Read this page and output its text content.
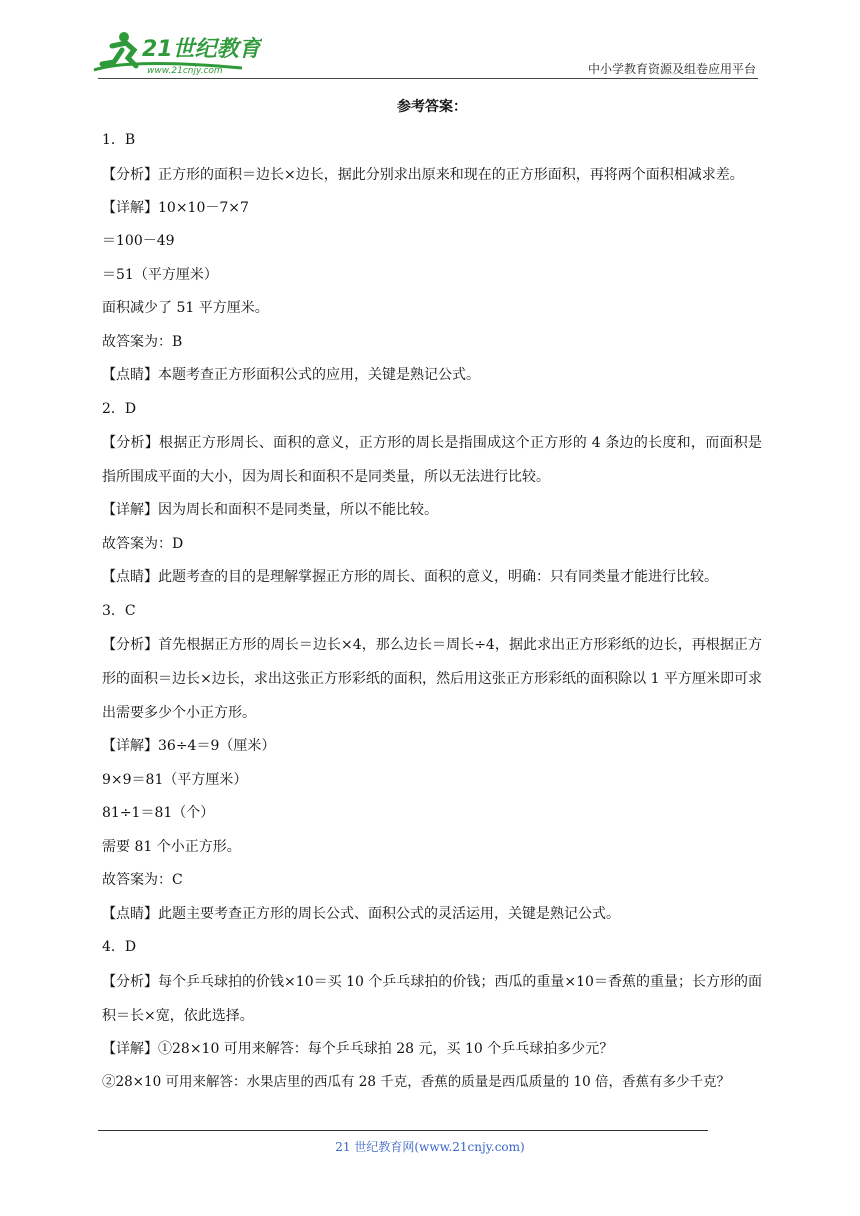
21世纪教育
www.21cnjy.com	中小学教育资源及组卷应用平台

参考答案：

1．B

【分析】正方形的面积＝边长×边长，据此分别求出原来和现在的正方形面积，再将两个面积相减求差。

【详解】10×10－7×7

＝100－49

＝51（平方厘米）

面积减少了 51 平方厘米。

故答案为：B

【点睛】本题考查正方形面积公式的应用，关键是熟记公式。

2．D

【分析】根据正方形周长、面积的意义，正方形的周长是指围成这个正方形的 4 条边的长度和，而面积是指所围成平面的大小，因为周长和面积不是同类量，所以无法进行比较。

【详解】因为周长和面积不是同类量，所以不能比较。

故答案为：D

【点睛】此题考查的目的是理解掌握正方形的周长、面积的意义，明确：只有同类量才能进行比较。

3．C

【分析】首先根据正方形的周长＝边长×4，那么边长＝周长÷4，据此求出正方形彩纸的边长，再根据正方形的面积＝边长×边长，求出这张正方形彩纸的面积，然后用这张正方形彩纸的面积除以 1 平方厘米即可求出需要多少个小正方形。

【详解】36÷4＝9（厘米）

9×9＝81（平方厘米）

81÷1＝81（个）

需要 81 个小正方形。

故答案为：C

【点睛】此题主要考查正方形的周长公式、面积公式的灵活运用，关键是熟记公式。

4．D

【分析】每个乒乓球拍的价钱×10＝买 10 个乒乓球拍的价钱；西瓜的重量×10＝香蕉的重量；长方形的面积＝长×宽，依此选择。

【详解】①28×10 可用来解答：每个乒乓球拍 28 元，买 10 个乒乓球拍多少元？

②28×10 可用来解答：水果店里的西瓜有 28 千克，香蕉的质量是西瓜质量的 10 倍，香蕉有多少千克？

21 世纪教育网(www.21cnjy.com)
